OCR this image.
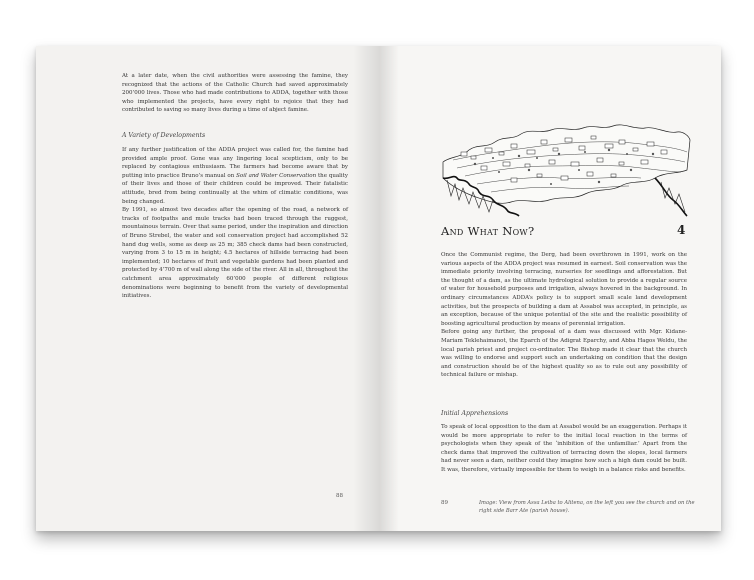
At a later date, when the civil authorities were assessing the famine, they recognized that the actions of the Catholic Church had saved approximately 200’000 lives. Those who had made contributions to ADDA, together with those who implemented the projects, have every right to rejoice that they had contributed to saving so many lives during a time of abject famine.

A Variety of Developments

If any further justification of the ADDA project was called for, the famine had provided ample proof. Gone was any lingering local scepticism, only to be replaced by contagious enthusiasm. The farmers had become aware that by putting into practice Bruno’s manual on Soil and Water Conservation the quality of their lives and those of their children could be improved. Their fatalistic attitude, bred from being continually at the whim of climatic conditions, was being changed.

By 1991, so almost two decades after the opening of the road, a network of tracks of footpaths and mule tracks had been traced through the ruggest, mountainous terrain. Over that same period, under the inspiration and direction of Bruno Strebel, the water and soil conservation project had accomplished 52 hand dug wells, some as deep as 25 m; 385 check dams had been constructed, varying from 3 to 15 m in height; 4.5 hectares of hillside terracing had been implemented; 10 hectares of fruit and vegetable gardens had been planted and protected by 4’700 m of wall along the side of the river. All in all, throughout the catchment area approximately 60’000 people of different religious denominations were beginning to benefit from the variety of developmental initiatives.

88
And What Now?	4

Once the Communist regime, the Derg, had been overthrown in 1991, work on the various aspects of the ADDA project was resumed in earnest. Soil conservation was the immediate priority involving terracing, nurseries for seedlings and afforestation. But the thought of a dam, as the ultimate hydrological solution to provide a regular source of water for household purposes and irrigation, always hovered in the background. In ordinary circumstances ADDA’s policy is to support small scale land development activities, but the prospects of building a dam at Assabol was accepted, in principle, as an exception, because of the unique potential of the site and the realistic possibility of boosting agricultural production by means of perennial irrigation.

Before going any further, the proposal of a dam was discussed with Mgr. Kidane-Mariam Teklehaimanot, the Eparch of the Adigrat Eparchy, and Abba Hagos Weldu, the local parish priest and project co-ordinator. The Bishop made it clear that the church was willing to endorse and support such an undertaking on condition that the design and construction should be of the highest quality so as to rule out any possibility of technical failure or mishap.

Initial Apprehensions

To speak of local opposition to the dam at Assabol would be an exaggeration. Perhaps it would be more appropriate to refer to the initial local reaction in the terms of psychologists when they speak of the ‘inhibition of the unfamiliar.’ Apart from the check dams that improved the cultivation of terracing down the slopes, local farmers had never seen a dam, neither could they imagine how such a high dam could be built. It was, therefore, virtually impossible for them to weigh in a balance risks and benefits.

89	Image: View from Assa Leiba to Alitena, on the left you see the church and on the right side Barr Ate (parish house).
